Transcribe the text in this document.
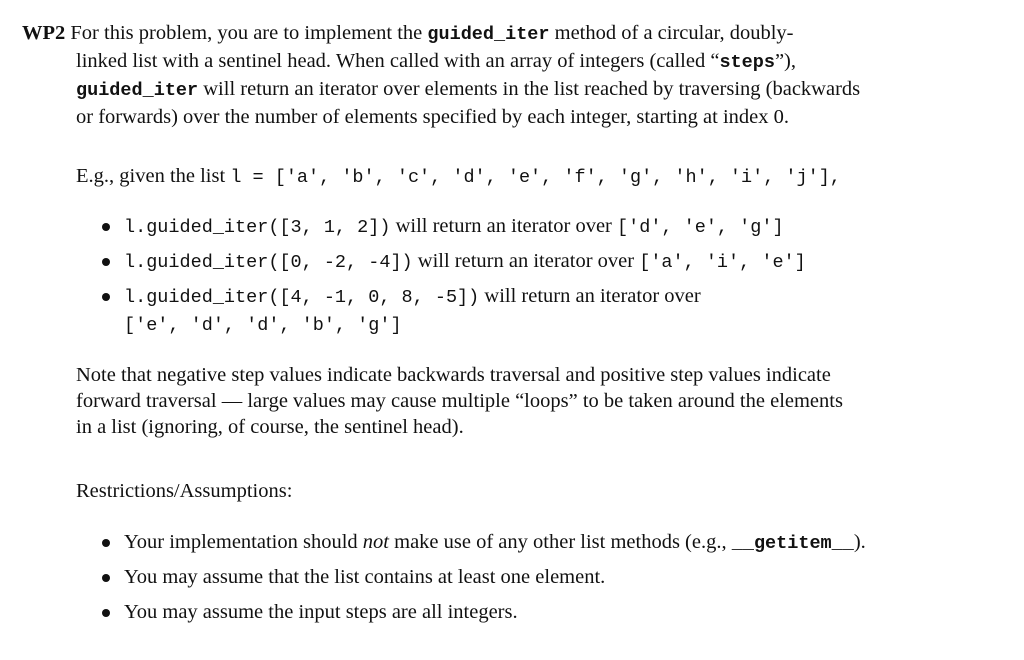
WP2 For this problem, you are to implement the guided_iter method of a circular, doubly-
linked list with a sentinel head. When called with an array of integers (called “steps”),
guided_iter will return an iterator over elements in the list reached by traversing (backwards
or forwards) over the number of elements specified by each integer, starting at index 0.
E.g., given the list l = ['a', 'b', 'c', 'd', 'e', 'f', 'g', 'h', 'i', 'j'],
l.guided_iter([3, 1, 2]) will return an iterator over ['d', 'e', 'g']
l.guided_iter([0, -2, -4]) will return an iterator over ['a', 'i', 'e']
l.guided_iter([4, -1, 0, 8, -5]) will return an iterator over
['e', 'd', 'd', 'b', 'g']
Note that negative step values indicate backwards traversal and positive step values indicate
forward traversal — large values may cause multiple “loops” to be taken around the elements
in a list (ignoring, of course, the sentinel head).
Restrictions/Assumptions:
Your implementation should not make use of any other list methods (e.g., __getitem__).
You may assume that the list contains at least one element.
You may assume the input steps are all integers.
